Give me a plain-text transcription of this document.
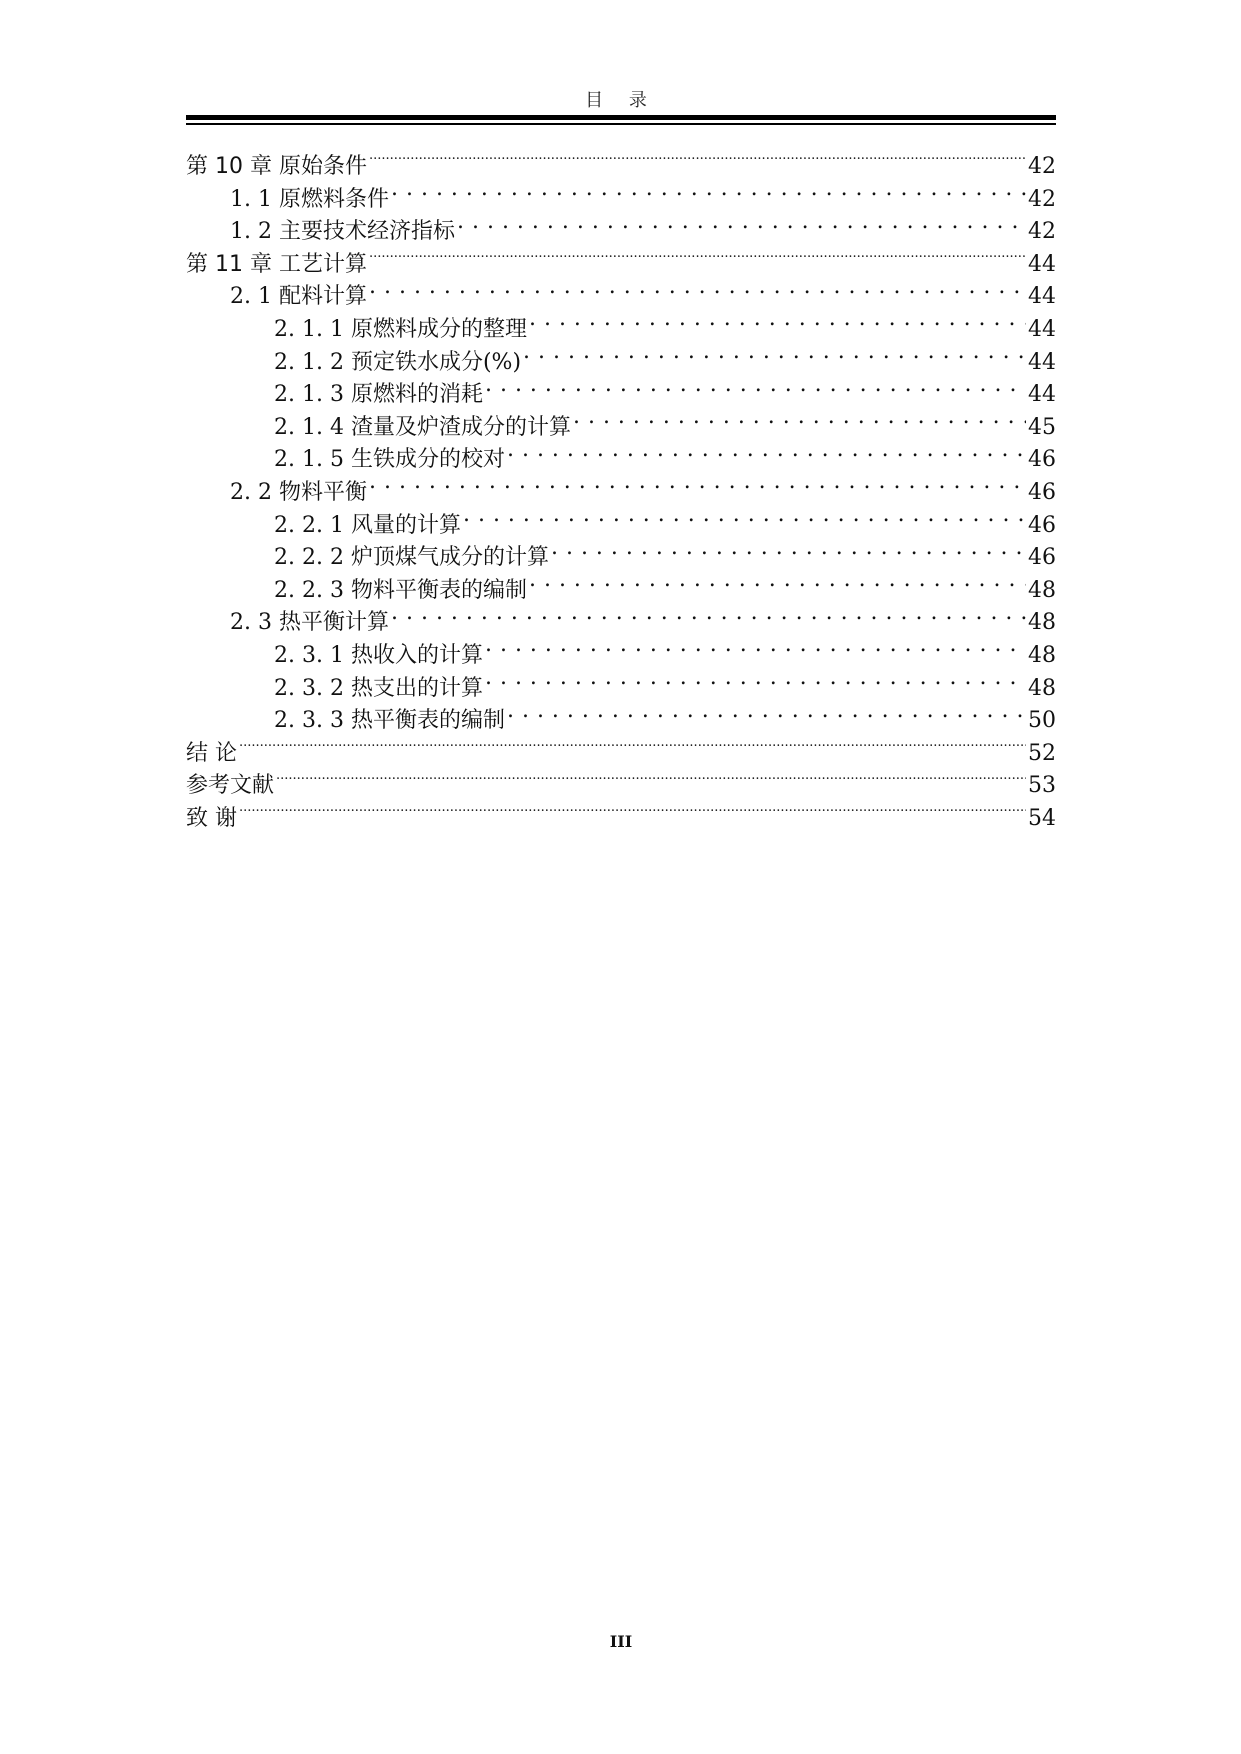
目 录
第 10 章 原始条件 .....	42
1. 1 原燃料条件 . . .	42
1. 2 主要技术经济指标 . . .	42
第 11 章 工艺计算 .....	44
2. 1 配料计算 . . .	44
2. 1. 1 原燃料成分的整理 . . .	44
2. 1. 2 预定铁水成分(%) . . .	44
2. 1. 3 原燃料的消耗 . . .	44
2. 1. 4 渣量及炉渣成分的计算 . . .	45
2. 1. 5 生铁成分的校对 . . .	46
2. 2 物料平衡 . . .	46
2. 2. 1 风量的计算 . . .	46
2. 2. 2 炉顶煤气成分的计算 . . .	46
2. 2. 3 物料平衡表的编制 . . .	48
2. 3 热平衡计算 . . .	48
2. 3. 1 热收入的计算 . . .	48
2. 3. 2 热支出的计算 . . .	48
2. 3. 3 热平衡表的编制 . . .	50
结 论 .....	52
参考文献 .....	53
致 谢 .....	54
III
